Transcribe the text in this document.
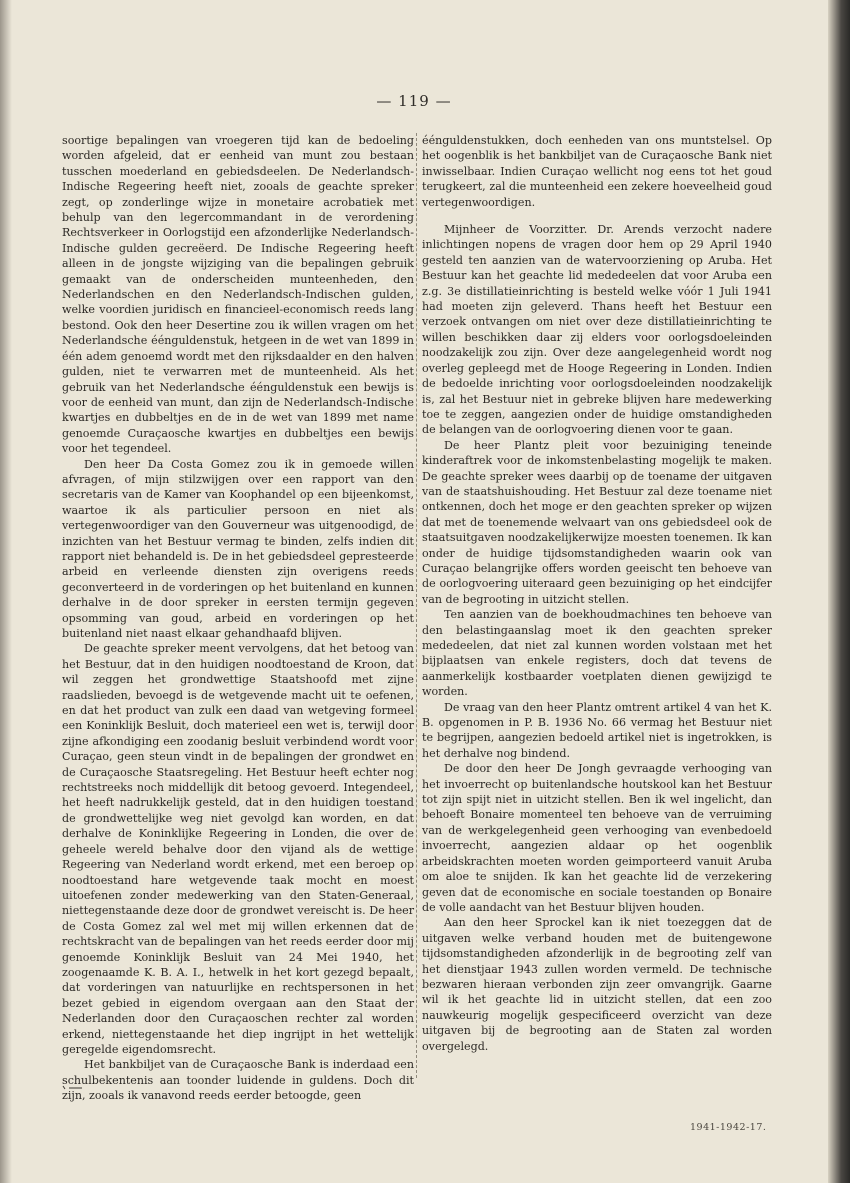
— 119 —

soortige bepalingen van vroegeren tijd kan de bedoeling worden afgeleid, dat er eenheid van munt zou bestaan tusschen moederland en gebiedsdeelen. De Nederlandsch-Indische Regeering heeft niet, zooals de geachte spreker zegt, op zonderlinge wijze in monetaire acrobatiek met behulp van den legercommandant in de verordening Rechtsverkeer in Oorlogstijd een afzonderlijke Nederlandsch-Indische gulden gecreëerd. De Indische Regeering heeft alleen in de jongste wijziging van die bepalingen gebruik gemaakt van de onderscheiden munteenheden, den Nederlandschen en den Nederlandsch-Indischen gulden, welke voordien juridisch en financieel-economisch reeds lang bestond. Ook den heer Desertine zou ik willen vragen om het Nederlandsche éénguldenstuk, hetgeen in de wet van 1899 in één adem genoemd wordt met den rijksdaalder en den halven gulden, niet te verwarren met de munteenheid. Als het gebruik van het Nederlandsche éénguldenstuk een bewijs is voor de eenheid van munt, dan zijn de Nederlandsch-Indische kwartjes en dubbeltjes en de in de wet van 1899 met name genoemde Curaçaosche kwartjes en dubbeltjes een bewijs voor het tegendeel.

Den heer Da Costa Gomez zou ik in gemoede willen afvragen, of mijn stilzwijgen over een rapport van den secretaris van de Kamer van Koophandel op een bijeenkomst, waartoe ik als particulier persoon en niet als vertegenwoordiger van den Gouverneur was uitgenoodigd, de inzichten van het Bestuur vermag te binden, zelfs indien dit rapport niet behandeld is. De in het gebiedsdeel gepresteerde arbeid en verleende diensten zijn overigens reeds geconverteerd in de vorderingen op het buitenland en kunnen derhalve in de door spreker in eersten termijn gegeven opsomming van goud, arbeid en vorderingen op het buitenland niet naast elkaar gehandhaafd blijven.

De geachte spreker meent vervolgens, dat het betoog van het Bestuur, dat in den huidigen noodtoestand de Kroon, dat wil zeggen het grondwettige Staatshoofd met zijne raadslieden, bevoegd is de wetgevende macht uit te oefenen, en dat het product van zulk een daad van wetgeving formeel een Koninklijk Besluit, doch materieel een wet is, terwijl door zijne afkondiging een zoodanig besluit verbindend wordt voor Curaçao, geen steun vindt in de bepalingen der grondwet en de Curaçaosche Staatsregeling. Het Bestuur heeft echter nog rechtstreeks noch middellijk dit betoog gevoerd. Integendeel, het heeft nadrukkelijk gesteld, dat in den huidigen toestand de grondwettelijke weg niet gevolgd kan worden, en dat derhalve de Koninklijke Regeering in Londen, die over de geheele wereld behalve door den vijand als de wettige Regeering van Nederland wordt erkend, met een beroep op noodtoestand hare wetgevende taak mocht en moest uitoefenen zonder medewerking van den Staten-Generaal, niettegenstaande deze door de grondwet vereischt is. De heer de Costa Gomez zal wel met mij willen erkennen dat de rechtskracht van de bepalingen van het reeds eerder door mij genoemde Koninklijk Besluit van 24 Mei 1940, het zoogenaamde K. B. A. I., hetwelk in het kort gezegd bepaalt, dat vorderingen van natuurlijke en rechtspersonen in het bezet gebied in eigendom overgaan aan den Staat der Nederlanden door den Curaçaoschen rechter zal worden erkend, niettegenstaande het diep ingrijpt in het wettelijk geregelde eigendomsrecht.

Het bankbiljet van de Curaçaosche Bank is inderdaad een schulbekentenis aan toonder luidende in guldens. Doch dit zijn, zooals ik vanavond reeds eerder betoogde, geen

éénguldenstukken, doch eenheden van ons muntstelsel. Op het oogenblik is het bankbiljet van de Curaçaosche Bank niet inwisselbaar. Indien Curaçao wellicht nog eens tot het goud terugkeert, zal die munteenheid een zekere hoeveelheid goud vertegenwoordigen.

Mijnheer de Voorzitter. Dr. Arends verzocht nadere inlichtingen nopens de vragen door hem op 29 April 1940 gesteld ten aanzien van de watervoorziening op Aruba. Het Bestuur kan het geachte lid mededeelen dat voor Aruba een z.g. 3e distillatieinrichting is besteld welke vóór 1 Juli 1941 had moeten zijn geleverd. Thans heeft het Bestuur een verzoek ontvangen om niet over deze distillatieinrichting te willen beschikken daar zij elders voor oorlogsdoeleinden noodzakelijk zou zijn. Over deze aangelegenheid wordt nog overleg gepleegd met de Hooge Regeering in Londen. Indien de bedoelde inrichting voor oorlogsdoeleinden noodzakelijk is, zal het Bestuur niet in gebreke blijven hare medewerking toe te zeggen, aangezien onder de huidige omstandigheden de belangen van de oorlogvoering dienen voor te gaan.

De heer Plantz pleit voor bezuiniging teneinde kinderaftrek voor de inkomstenbelasting mogelijk te maken. De geachte spreker wees daarbij op de toename der uitgaven van de staatshuishouding. Het Bestuur zal deze toename niet ontkennen, doch het moge er den geachten spreker op wijzen dat met de toenemende welvaart van ons gebiedsdeel ook de staatsuitgaven noodzakelijkerwijze moesten toenemen. Ik kan onder de huidige tijdsomstandigheden waarin ook van Curaçao belangrijke offers worden geeischt ten behoeve van de oorlogvoering uiteraard geen bezuiniging op het eindcijfer van de begrooting in uitzicht stellen.

Ten aanzien van de boekhoudmachines ten behoeve van den belastingaanslag moet ik den geachten spreker mededeelen, dat niet zal kunnen worden volstaan met het bijplaatsen van enkele registers, doch dat tevens de aanmerkelijk kostbaarder voetplaten dienen gewijzigd te worden.

De vraag van den heer Plantz omtrent artikel 4 van het K. B. opgenomen in P. B. 1936 No. 66 vermag het Bestuur niet te begrijpen, aangezien bedoeld artikel niet is ingetrokken, is het derhalve nog bindend.

De door den heer De Jongh gevraagde verhooging van het invoerrecht op buitenlandsche houtskool kan het Bestuur tot zijn spijt niet in uitzicht stellen. Ben ik wel ingelicht, dan behoeft Bonaire momenteel ten behoeve van de verruiming van de werkgelegenheid geen verhooging van evenbedoeld invoerrecht, aangezien aldaar op het oogenblik arbeidskrachten moeten worden geimporteerd vanuit Aruba om aloe te snijden. Ik kan het geachte lid de verzekering geven dat de economische en sociale toestanden op Bonaire de volle aandacht van het Bestuur blijven houden.

Aan den heer Sprockel kan ik niet toezeggen dat de uitgaven welke verband houden met de buitengewone tijdsomstandigheden afzonderlijk in de begrooting zelf van het dienstjaar 1943 zullen worden vermeld. De technische bezwaren hieraan verbonden zijn zeer omvangrijk. Gaarne wil ik het geachte lid in uitzicht stellen, dat een zoo nauwkeurig mogelijk gespecificeerd overzicht van deze uitgaven bij de begrooting aan de Staten zal worden overgelegd.

1941-1942-17.
